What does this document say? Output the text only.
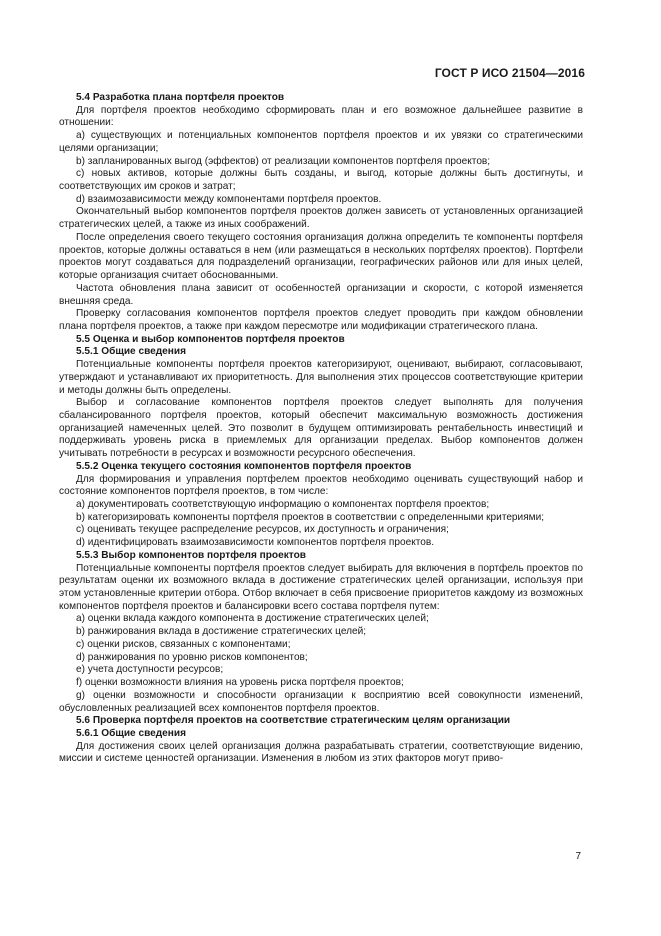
ГОСТ Р ИСО 21504—2016

5.4 Разработка плана портфеля проектов

Для портфеля проектов необходимо сформировать план и его возможное дальнейшее развитие в отношении:

a) существующих и потенциальных компонентов портфеля проектов и их увязки со стратегическими целями организации;

b) запланированных выгод (эффектов) от реализации компонентов портфеля проектов;

c) новых активов, которые должны быть созданы, и выгод, которые должны быть достигнуты, и соответствующих им сроков и затрат;

d) взаимозависимости между компонентами портфеля проектов.

Окончательный выбор компонентов портфеля проектов должен зависеть от установленных организацией стратегических целей, а также из иных соображений.

После определения своего текущего состояния организация должна определить те компоненты портфеля проектов, которые должны оставаться в нем (или размещаться в нескольких портфелях проектов). Портфели проектов могут создаваться для подразделений организации, географических районов или для иных целей, которые организация считает обоснованными.

Частота обновления плана зависит от особенностей организации и скорости, с которой изменяется внешняя среда.

Проверку согласования компонентов портфеля проектов следует проводить при каждом обновлении плана портфеля проектов, а также при каждом пересмотре или модификации стратегического плана.

5.5 Оценка и выбор компонентов портфеля проектов

5.5.1 Общие сведения

Потенциальные компоненты портфеля проектов категоризируют, оценивают, выбирают, согласовывают, утверждают и устанавливают их приоритетность. Для выполнения этих процессов соответствующие критерии и методы должны быть определены.

Выбор и согласование компонентов портфеля проектов следует выполнять для получения сбалансированного портфеля проектов, который обеспечит максимальную возможность достижения организацией намеченных целей. Это позволит в будущем оптимизировать рентабельность инвестиций и поддерживать уровень риска в приемлемых для организации пределах. Выбор компонентов должен учитывать потребности в ресурсах и возможности ресурсного обеспечения.

5.5.2 Оценка текущего состояния компонентов портфеля проектов

Для формирования и управления портфелем проектов необходимо оценивать существующий набор и состояние компонентов портфеля проектов, в том числе:

a) документировать соответствующую информацию о компонентах портфеля проектов;

b) категоризировать компоненты портфеля проектов в соответствии с определенными критериями;

c) оценивать текущее распределение ресурсов, их доступность и ограничения;

d) идентифицировать взаимозависимости компонентов портфеля проектов.

5.5.3 Выбор компонентов портфеля проектов

Потенциальные компоненты портфеля проектов следует выбирать для включения в портфель проектов по результатам оценки их возможного вклада в достижение стратегических целей организации, используя при этом установленные критерии отбора. Отбор включает в себя присвоение приоритетов каждому из возможных компонентов портфеля проектов и балансировки всего состава портфеля путем:

a) оценки вклада каждого компонента в достижение стратегических целей;

b) ранжирования вклада в достижение стратегических целей;

c) оценки рисков, связанных с компонентами;

d) ранжирования по уровню рисков компонентов;

e) учета доступности ресурсов;

f) оценки возможности влияния на уровень риска портфеля проектов;

g) оценки возможности и способности организации к восприятию всей совокупности изменений, обусловленных реализацией всех компонентов портфеля проектов.

5.6 Проверка портфеля проектов на соответствие стратегическим целям организации

5.6.1 Общие сведения

Для достижения своих целей организация должна разрабатывать стратегии, соответствующие видению, миссии и системе ценностей организации. Изменения в любом из этих факторов могут приво-

7
